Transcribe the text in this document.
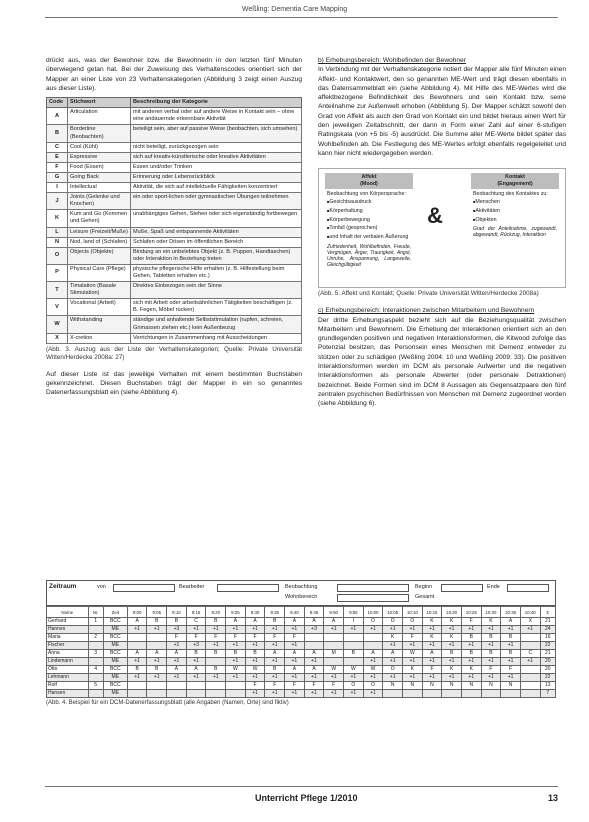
Weßling: Dementia Care Mapping

drückt aus, was der Bewohner bzw. die Bewohnerin in den letzten fünf Minuten überwiegend getan hat. Bei der Zuweisung des Verhaltenscodes orientiert sich der Mapper an einer Liste von 23 Verhaltenskategorien (Abbildung 3 zeigt einen Auszug aus dieser Liste).

Code	Stichwort	Beschreibung der Kategorie
A	Articulation	mit anderen verbal oder auf andere Weise in Kontakt sein – ohne eine andauernde erkennbare Aktivität
B	Borderline (Beobachten)	beteiligt sein, aber auf passive Weise (beobachten, sich umsehen)
C	Cool (Kühl)	nicht beteiligt, zurückgezogen sein
E	Expressive	sich auf kreativ-künstlerische oder kreative Aktivitäten
F	Food (Essen)	Essen und/oder Trinken
G	Going Back	Erinnerung oder Lebensrückblick
I	Intellectual	Aktivität, die sich auf intellektuelle Fähigkeiten konzentriert
J	Joints (Gelenke und Knochen)	ein oder sport-lichen oder gymnastischen Übungen teilnehmen
K	Kum and Go (Kommen und Gehen)	unabhängiges Gehen, Stehen oder sich eigenständig fortbewegen
L	Leisure (Freizeit/Muße)	Muße, Spaß und entspannende Aktivitäten
N	Nod, land of (Schlafen)	Schlafen oder Dösen im öffentlichen Bereich
O	Objects (Objekte)	Bindung an ein unbelebtes Objekt (z. B. Puppen, Handtaschen) oder Interaktion in Beziehung treten
P	Physical Care (Pflege)	physische pflegerische Hilfe erhalten (z. B. Hilfestellung beim Gehen, Tabletten erhalten etc.)
T	Timalation (Basale Stimulation)	Direktes Einbezogen sein der Sinne
V	Vocational (Arbeit)	sich mit Arbeit oder arbeitsähnlichen Tätigkeiten beschäftigen (z. B. Fegen, Möbel rücken)
W	Withstanding	ständige und anhaltende Selbststimulation (rupfen, schreien, Grimassen ziehen etc.) kein Außenbezug
X	X-cretion	Verrichtungen in Zusammenhang mit Ausscheidungen
(Abb. 3. Auszug aus der Liste der Verhaltenskategorien; Quelle: Private Universität Witten/Herdecke 2008a: 27)

Auf dieser Liste ist das jeweilige Verhalten mit einem bestimmten Buchstaben gekennzeichnet. Diesen Buchstaben trägt der Mapper in ein so genanntes Datenerfassungsblatt ein (siehe Abbildung 4).

b) Erhebungsbereich: Wohlbefinden der Bewohner

In Verbindung mit der Verhaltenskategorie notiert der Mapper alle fünf Minuten einen Affekt- und Kontaktwert, den so genannten ME-Wert und trägt diesen ebenfalls in das Datensammelblatt ein (siehe Abbildung 4). Mit Hilfe des ME-Wertes wird die affektbezogene Befindlichkeit des Bewohners und sein Kontakt bzw. seine Anteilnahme zur Außenwelt erhoben (Abbildung 5). Der Mapper schätzt sowohl den Grad von Affekt als auch den Grad von Kontakt ein und bildet hieraus einen Wert für den jeweiligen Zeitabschnitt, der dann in Form einer Zahl auf einer 6-stufigen Ratingskala (von +5 bis -5) ausdrückt. Die Summe aller ME-Werte bildet später das Wohlbefinden ab. Die Festlegung des ME-Wertes erfolgt ebenfalls regelgeleitet und kann hier nicht wiedergegeben werden.

Affekt
(Mood)
Beobachtung von Körpersprache:
■ Gesichtsausdruck
■ Körperhaltung
■ Körperbewegung
■ Tonfall (gesprochen)
■ und Inhalt der verbalen Äußerung
Zufriedenheit, Wohlbefinden, Freude, Vergnügen, Ärger, Traurigkeit, Angst, Unruhe, Anspannung, Langeweile, Gleichgültigkeit
&
Kontakt
(Engagement)
Beobachtung des Kontaktes zu:
■ Menschen
■ Aktivitäten
■ Objekten
Grad der Anteilnahme, zugewandt, abgewandt, Rückzug, Interaktion
(Abb. 5. Affekt und Kontakt; Quelle: Private Universität Witten/Herdecke 2008a)
c) Erhebungsbereich: Interaktionen zwischen Mitarbeitern und Bewohnern

Der dritte Erhebungsaspekt bezieht sich auf die Beziehungsqualität zwischen Mitarbeitern und Bewohnern. Die Erhebung der Interaktionen orientiert sich an den grundlegenden positiven und negativen Interaktionsformen, die Kitwood zufolge das Potenzial besitzen, das Personsein eines Menschen mit Demenz entweder zu stützen oder zu schädigen (Weßling 2004: 10 und Weßling 2009: 33). Die positiven Interaktionsformen werden im DCM als personale Aufwerter und die negativen Interaktionsformen als personale Abwerter (oder personale Detraktionen) bezeichnet. Beide Formen sind im DCM 8 Aussagen als Gegensatzpaare den fünf zentralen psychischen Bedürfnissen von Menschen mit Demenz zugeordnet worden (siehe Abbildung 6).

Zeitraum	von	Bearbeiter	Beobachtung
Wohnbereich
Beginn	Ende
Gesamt
Name	Nr.	Zeit	9:00	9:05	9:10	9:15	9:20	9:25	9:30	9:35	9:40	9:45	9:50	9:55	10:00	10:05	10:10	10:15	10:20	10:25	10:30	10:35	10:40	Σ	
Gerhard	1	BCC	A	B	B	C	B	A	A	B	A	A	A	I	O	O	O	K	K	F	K	A	X	21	
Hannes		ME	+1	+1	+3	+1	+1	+1	+1	+1	+1	+3	+1	+1	+1	+1	+1	+1	+1	+1	+1	+1	+1	24	
Maria	2	BCC			F	F	F	F	F	F	F					K	F	K	K	B	B	B		16	
Fischer		ME			+1	+3	+1	+1	+1	+1	+1					+1	+1	+1	+1	+1	+1	+1		22	
Anna	3	BCC	A	A	A	B	B	B	B	A	A	A	M	B	A	A	W	A	B	B	B	B	C	21	
Lindemann		ME	+1	+1	+1	+1		+1	+1	+1	+1	+1			+1	+1	+1	+1	+1	+1	+1	+1	+1	20	
Otto	4	BCC	B	B	A	A	B	W	W	B	A	A	W	W	W	O	K	F	K	K	F	F		20	
Lehmann		ME	+1	+1	+1	+1	+1	+1	+1	+1	+1	+1	+1	+1	+1	+1	+1	+1	+1	+1	+1	+1		22	
Rolf	5	BCC							F	F	F	F	F	O	O	N	N	N	N	N	N	N		13	
Hansen		ME							+1	+1	+1	+1	+1	+1	+1									7	
(Abb. 4. Beispiel für ein DCM-Datenerfassungsblatt (alle Angaben (Namen, Orte) sind fiktiv)
Unterricht Pflege 1/2010	13
